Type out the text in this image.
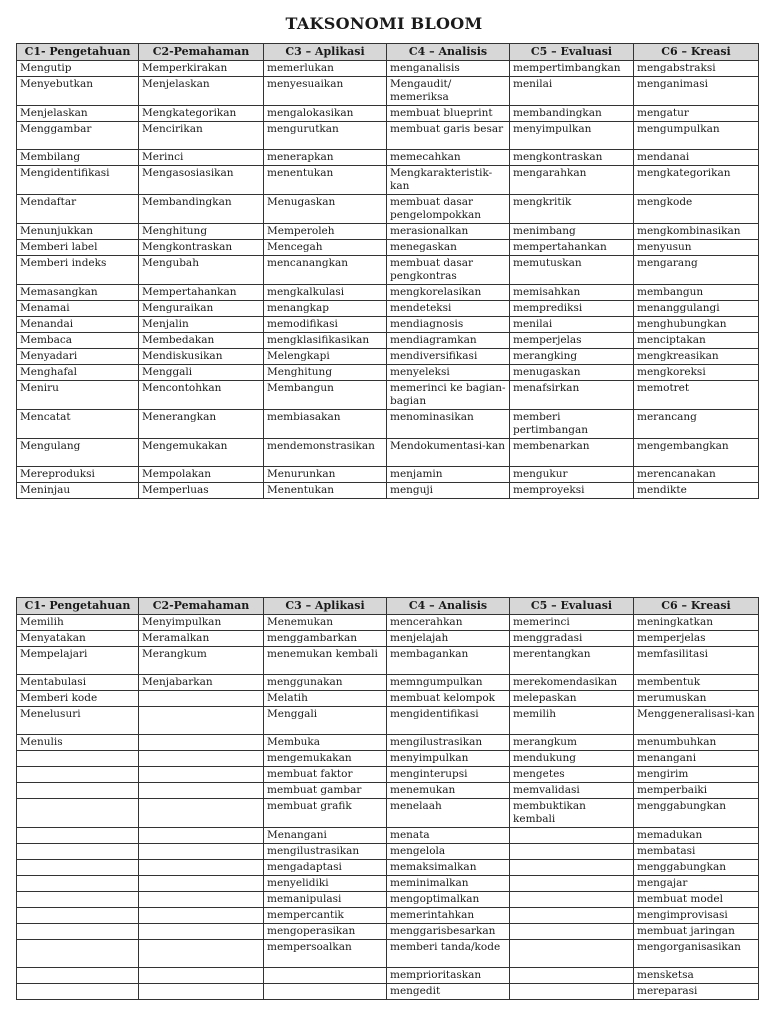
TAKSONOMI BLOOM
C1- Pengetahuan	C2-Pemahaman	C3 – Aplikasi	C4 – Analisis	C5 – Evaluasi	C6 – Kreasi
Mengutip	Memperkirakan	memerlukan	menganalisis	mempertimbangkan	mengabstraksi
Menyebutkan	Menjelaskan	menyesuaikan	Mengaudit/ memeriksa	menilai	menganimasi
Menjelaskan	Mengkategorikan	mengalokasikan	membuat blueprint	membandingkan	mengatur
Menggambar	Mencirikan	mengurutkan	membuat garis besar	menyimpulkan	mengumpulkan
Membilang	Merinci	menerapkan	memecahkan	mengkontraskan	mendanai
Mengidentifikasi	Mengasosiasikan	menentukan	Mengkarakteristik-kan	mengarahkan	mengkategorikan
Mendaftar	Membandingkan	Menugaskan	membuat dasar pengelompokkan	mengkritik	mengkode
Menunjukkan	Menghitung	Memperoleh	merasionalkan	menimbang	mengkombinasikan
Memberi label	Mengkontraskan	Mencegah	menegaskan	mempertahankan	menyusun
Memberi indeks	Mengubah	mencanangkan	membuat dasar pengkontras	memutuskan	mengarang
Memasangkan	Mempertahankan	mengkalkulasi	mengkorelasikan	memisahkan	membangun
Menamai	Menguraikan	menangkap	mendeteksi	memprediksi	menanggulangi
Menandai	Menjalin	memodifikasi	mendiagnosis	menilai	menghubungkan
Membaca	Membedakan	mengklasifikasikan	mendiagramkan	memperjelas	menciptakan
Menyadari	Mendiskusikan	Melengkapi	mendiversifikasi	merangking	mengkreasikan
Menghafal	Menggali	Menghitung	menyeleksi	menugaskan	mengkoreksi
Meniru	Mencontohkan	Membangun	memerinci ke bagian-bagian	menafsirkan	memotret
Mencatat	Menerangkan	membiasakan	menominasikan	memberi pertimbangan	merancang
Mengulang	Mengemukakan	mendemonstrasikan	Mendokumentasi-kan	membenarkan	mengembangkan
Mereproduksi	Mempolakan	Menurunkan	menjamin	mengukur	merencanakan
Meninjau	Memperluas	Menentukan	menguji	memproyeksi	mendikte
C1- Pengetahuan	C2-Pemahaman	C3 – Aplikasi	C4 – Analisis	C5 – Evaluasi	C6 – Kreasi
Memilih	Menyimpulkan	Menemukan	mencerahkan	memerinci	meningkatkan
Menyatakan	Meramalkan	menggambarkan	menjelajah	menggradasi	memperjelas
Mempelajari	Merangkum	menemukan kembali	membagankan	merentangkan	memfasilitasi
Mentabulasi	Menjabarkan	menggunakan	memngumpulkan	merekomendasikan	membentuk
Memberi kode		Melatih	membuat kelompok	melepaskan	merumuskan
Menelusuri		Menggali	mengidentifikasi	memilih	Menggeneralisasi-kan
Menulis		Membuka	mengilustrasikan	merangkum	menumbuhkan
		mengemukakan	menyimpulkan	mendukung	menangani
		membuat faktor	menginterupsi	mengetes	mengirim
		membuat gambar	menemukan	memvalidasi	memperbaiki
		membuat grafik	menelaah	membuktikan kembali	menggabungkan
		Menangani	menata		memadukan
		mengilustrasikan	mengelola		membatasi
		mengadaptasi	memaksimalkan		menggabungkan
		menyelidiki	meminimalkan		mengajar
		memanipulasi	mengoptimalkan		membuat model
		mempercantik	memerintahkan		mengimprovisasi
		mengoperasikan	menggarisbesarkan		membuat jaringan
		mempersoalkan	memberi tanda/kode		mengorganisasikan
			memprioritaskan		mensketsa
			mengedit		mereparasi
